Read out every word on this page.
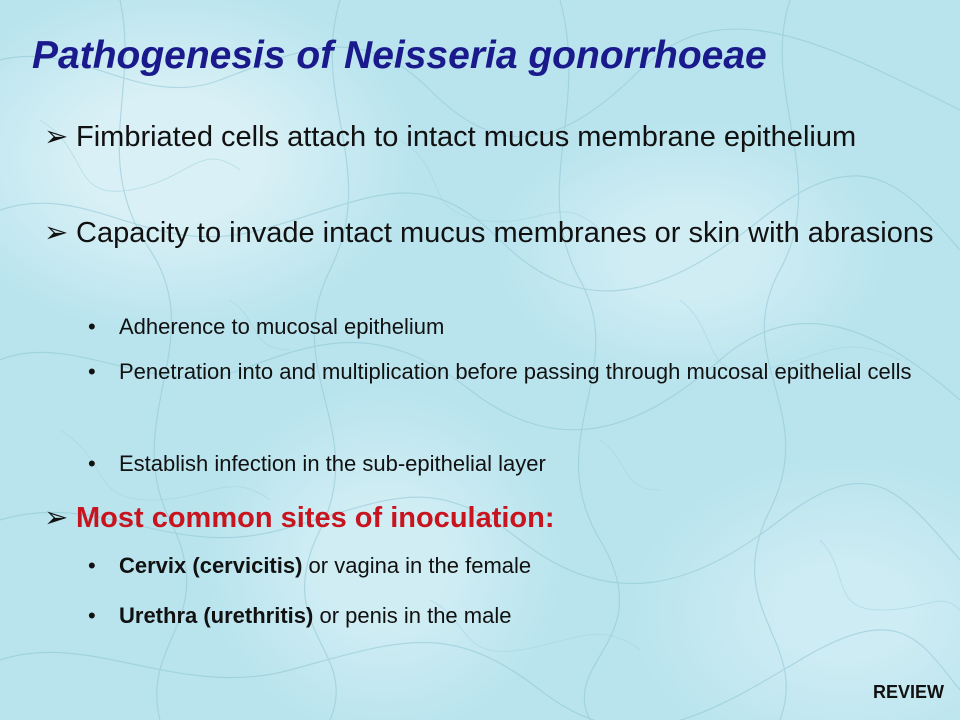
Pathogenesis of Neisseria gonorrhoeae
➢ Fimbriated cells attach to intact mucus membrane epithelium
➢ Capacity to invade intact mucus membranes or skin with abrasions
• Adherence to mucosal epithelium
• Penetration into and multiplication before passing through mucosal epithelial cells
• Establish infection in the sub-epithelial layer
➢ Most common sites of inoculation:
• Cervix (cervicitis) or vagina in the female
• Urethra (urethritis) or penis in the male
REVIEW
